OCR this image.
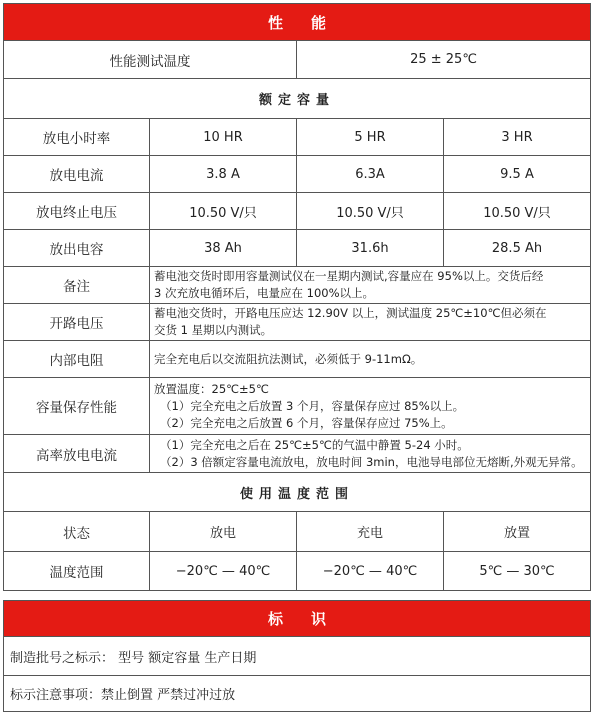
性能			
性能测试温度		25 ± 25℃	
额定容量			
放电小时率	10 HR	5 HR	3 HR
放电电流	3.8 A	6.3A	9.5 A
放电终止电压	10.50 V/只	10.50 V/只	10.50 V/只
放出电容	38 Ah	31.6h	28.5 Ah
备注	蓄电池交货时即用容量测试仪在一星期内测试,容量应在 95%以上。交货后经
3 次充放电循环后，电量应在 100%以上。		

开路电压	蓄电池交货时，开路电压应达 12.90V 以上，测试温度 25℃±10℃但必须在
交货 1 星期以内测试。		

内部电阻	完全充电后以交流阻抗法测试，必须低于 9-11mΩ。		

容量保存性能	放置温度：25℃±5℃
（1）完全充电之后放置 3 个月，容量保存应过 85%以上。
（2）完全充电之后放置 6 个月，容量保存应过 75%上。		

高率放电电流	（1）完全充电之后在 25℃±5℃的气温中静置 5-24 小时。
（2）3 倍额定容量电流放电，放电时间 3min，电池导电部位无熔断,外观无异常。		

使用温度范围			
状态	放电	充电	放置
温度范围	−20℃ — 40℃	−20℃ — 40℃	5℃ — 30℃
标识
制造批号之标示： 型号 额定容量 生产日期
标示注意事项：禁止倒置 严禁过冲过放
